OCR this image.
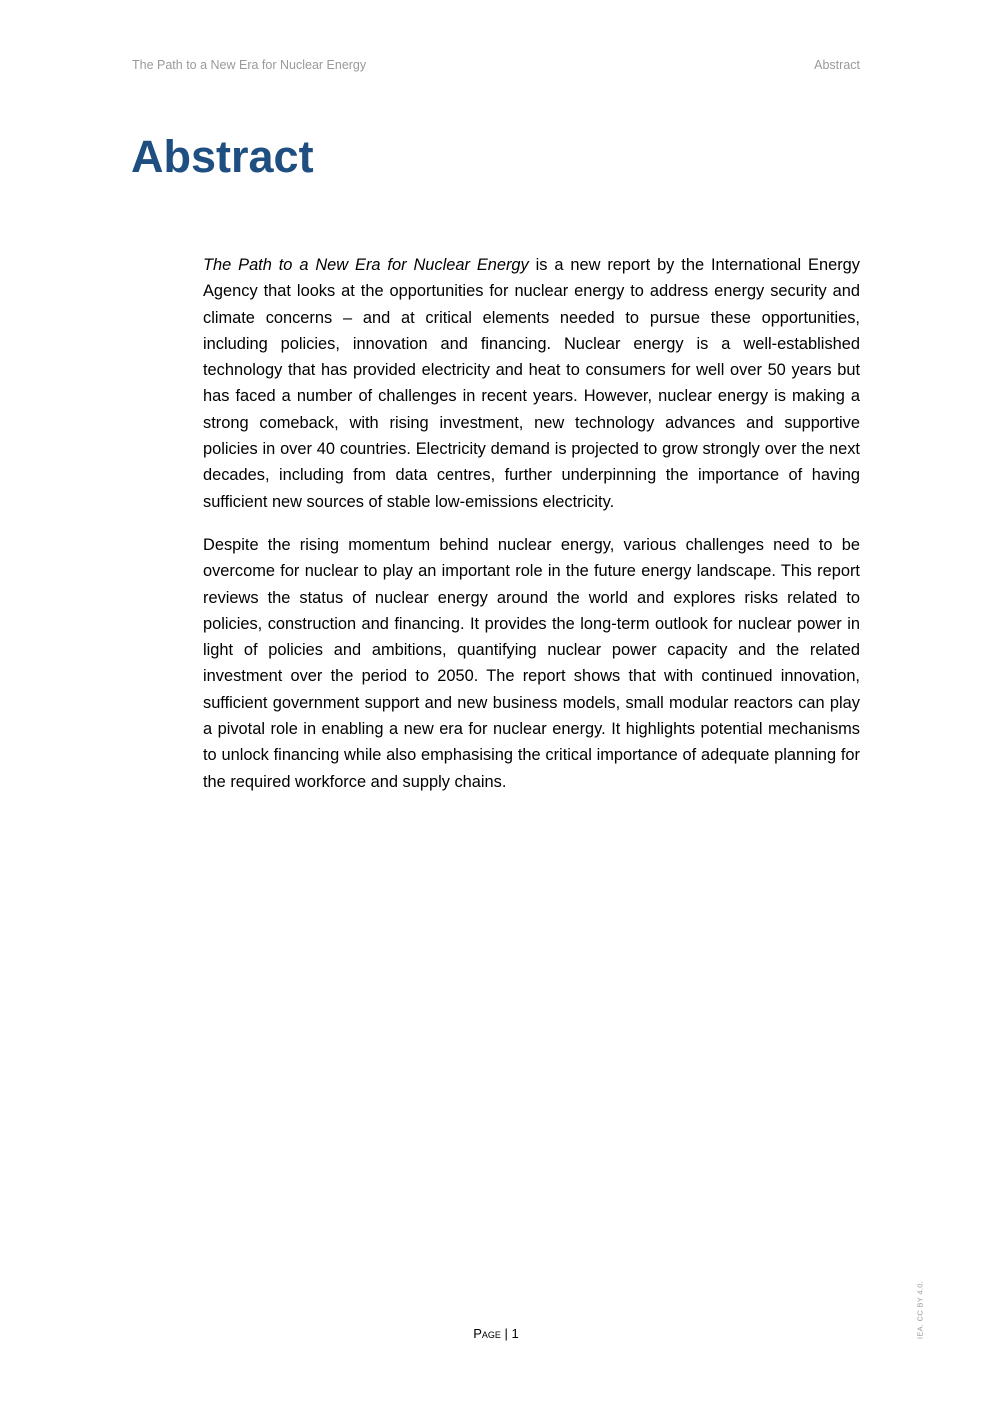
The Path to a New Era for Nuclear Energy	Abstract
Abstract

The Path to a New Era for Nuclear Energy is a new report by the International Energy Agency that looks at the opportunities for nuclear energy to address energy security and climate concerns – and at critical elements needed to pursue these opportunities, including policies, innovation and financing. Nuclear energy is a well-established technology that has provided electricity and heat to consumers for well over 50 years but has faced a number of challenges in recent years. However, nuclear energy is making a strong comeback, with rising investment, new technology advances and supportive policies in over 40 countries. Electricity demand is projected to grow strongly over the next decades, including from data centres, further underpinning the importance of having sufficient new sources of stable low-emissions electricity.

Despite the rising momentum behind nuclear energy, various challenges need to be overcome for nuclear to play an important role in the future energy landscape. This report reviews the status of nuclear energy around the world and explores risks related to policies, construction and financing. It provides the long-term outlook for nuclear power in light of policies and ambitions, quantifying nuclear power capacity and the related investment over the period to 2050. The report shows that with continued innovation, sufficient government support and new business models, small modular reactors can play a pivotal role in enabling a new era for nuclear energy. It highlights potential mechanisms to unlock financing while also emphasising the critical importance of adequate planning for the required workforce and supply chains.

Page | 1	IEA. CC BY 4.0.
